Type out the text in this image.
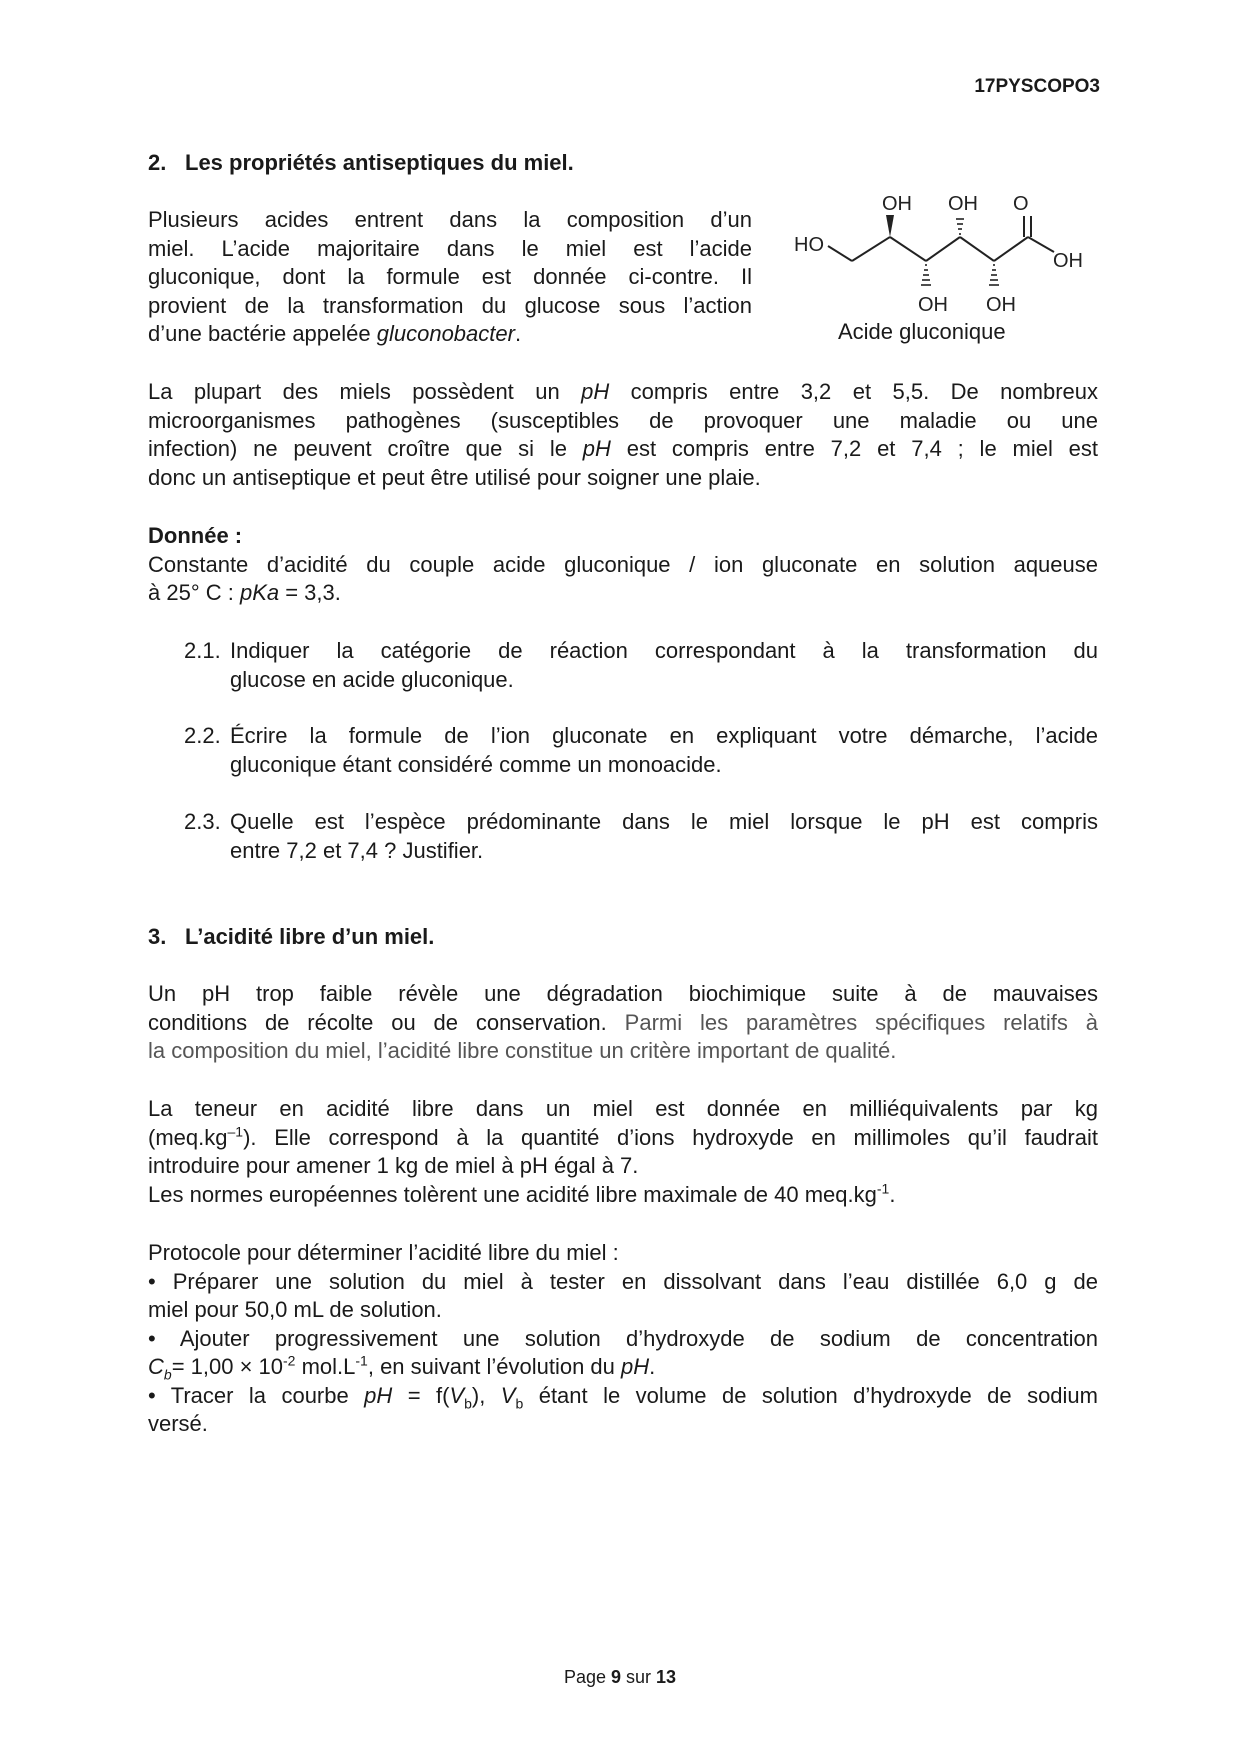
17PYSCOPO3
2. Les propriétés antiseptiques du miel.
Plusieurs acides entrent dans la composition d’un
miel. L’acide majoritaire dans le miel est l’acide
gluconique, dont la formule est donnée ci-contre. Il
provient de la transformation du glucose sous l’action
d’une bactérie appelée gluconobacter.
HO
OH OH O
OH
OH OH
Acide gluconique
La plupart des miels possèdent un pH compris entre 3,2 et 5,5. De nombreux
microorganismes pathogènes (susceptibles de provoquer une maladie ou une
infection) ne peuvent croître que si le pH est compris entre 7,2 et 7,4 ; le miel est
donc un antiseptique et peut être utilisé pour soigner une plaie.
Donnée :
Constante d’acidité du couple acide gluconique / ion gluconate en solution aqueuse
à 25° C : pKa = 3,3.
2.1. Indiquer la catégorie de réaction correspondant à la transformation du
glucose en acide gluconique.
2.2. Écrire la formule de l’ion gluconate en expliquant votre démarche, l’acide
gluconique étant considéré comme un monoacide.
2.3. Quelle est l’espèce prédominante dans le miel lorsque le pH est compris
entre 7,2 et 7,4 ? Justifier.
3. L’acidité libre d’un miel.
Un pH trop faible révèle une dégradation biochimique suite à de mauvaises
conditions de récolte ou de conservation. Parmi les paramètres spécifiques relatifs à
la composition du miel, l’acidité libre constitue un critère important de qualité.
La teneur en acidité libre dans un miel est donnée en milliéquivalents par kg
$(meq.kg^{-1})$. Elle correspond à la quantité d’ions hydroxyde en millimoles qu’il faudrait
introduire pour amener 1 kg de miel à pH égal à 7.
Les normes européennes tolèrent une acidité libre maximale de 40 $meq.kg^{-1}$.
Protocole pour déterminer l’acidité libre du miel :
• Préparer une solution du miel à tester en dissolvant dans l’eau distillée 6,0 g de
miel pour 50,0 mL de solution.
• Ajouter progressivement une solution d’hydroxyde de sodium de concentration
$C_b= 1,00 \times 10^{-2}$ $mol.L^{-1}$, en suivant l’évolution du pH.
• Tracer la courbe pH = $f(V_b)$, $V_b$ étant le volume de solution d’hydroxyde de sodium
versé.
Page 9 sur 13
